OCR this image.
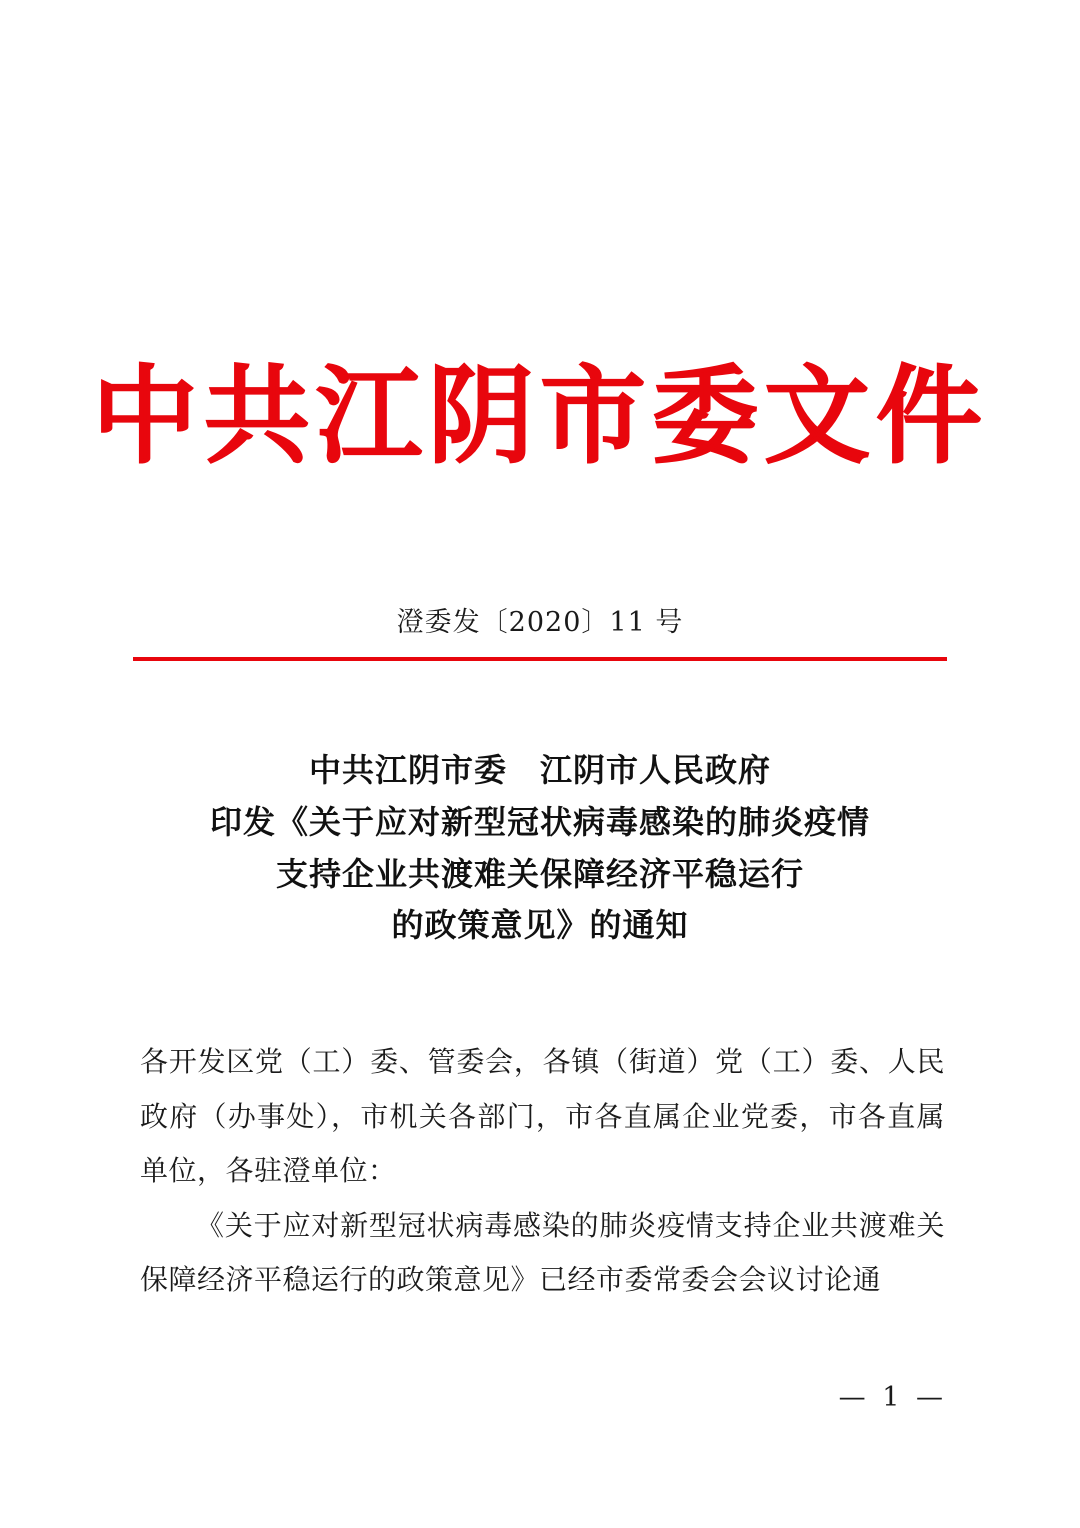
中共江阴市委文件
澄委发〔2020〕11 号
中共江阴市委　江阴市人民政府
印发《关于应对新型冠状病毒感染的肺炎疫情
支持企业共渡难关保障经济平稳运行
的政策意见》的通知

各开发区党（工）委、管委会，各镇（街道）党（工）委、人民政府（办事处），市机关各部门，市各直属企业党委，市各直属单位，各驻澄单位：

《关于应对新型冠状病毒感染的肺炎疫情支持企业共渡难关保障经济平稳运行的政策意见》已经市委常委会会议讨论通

— 1 —
